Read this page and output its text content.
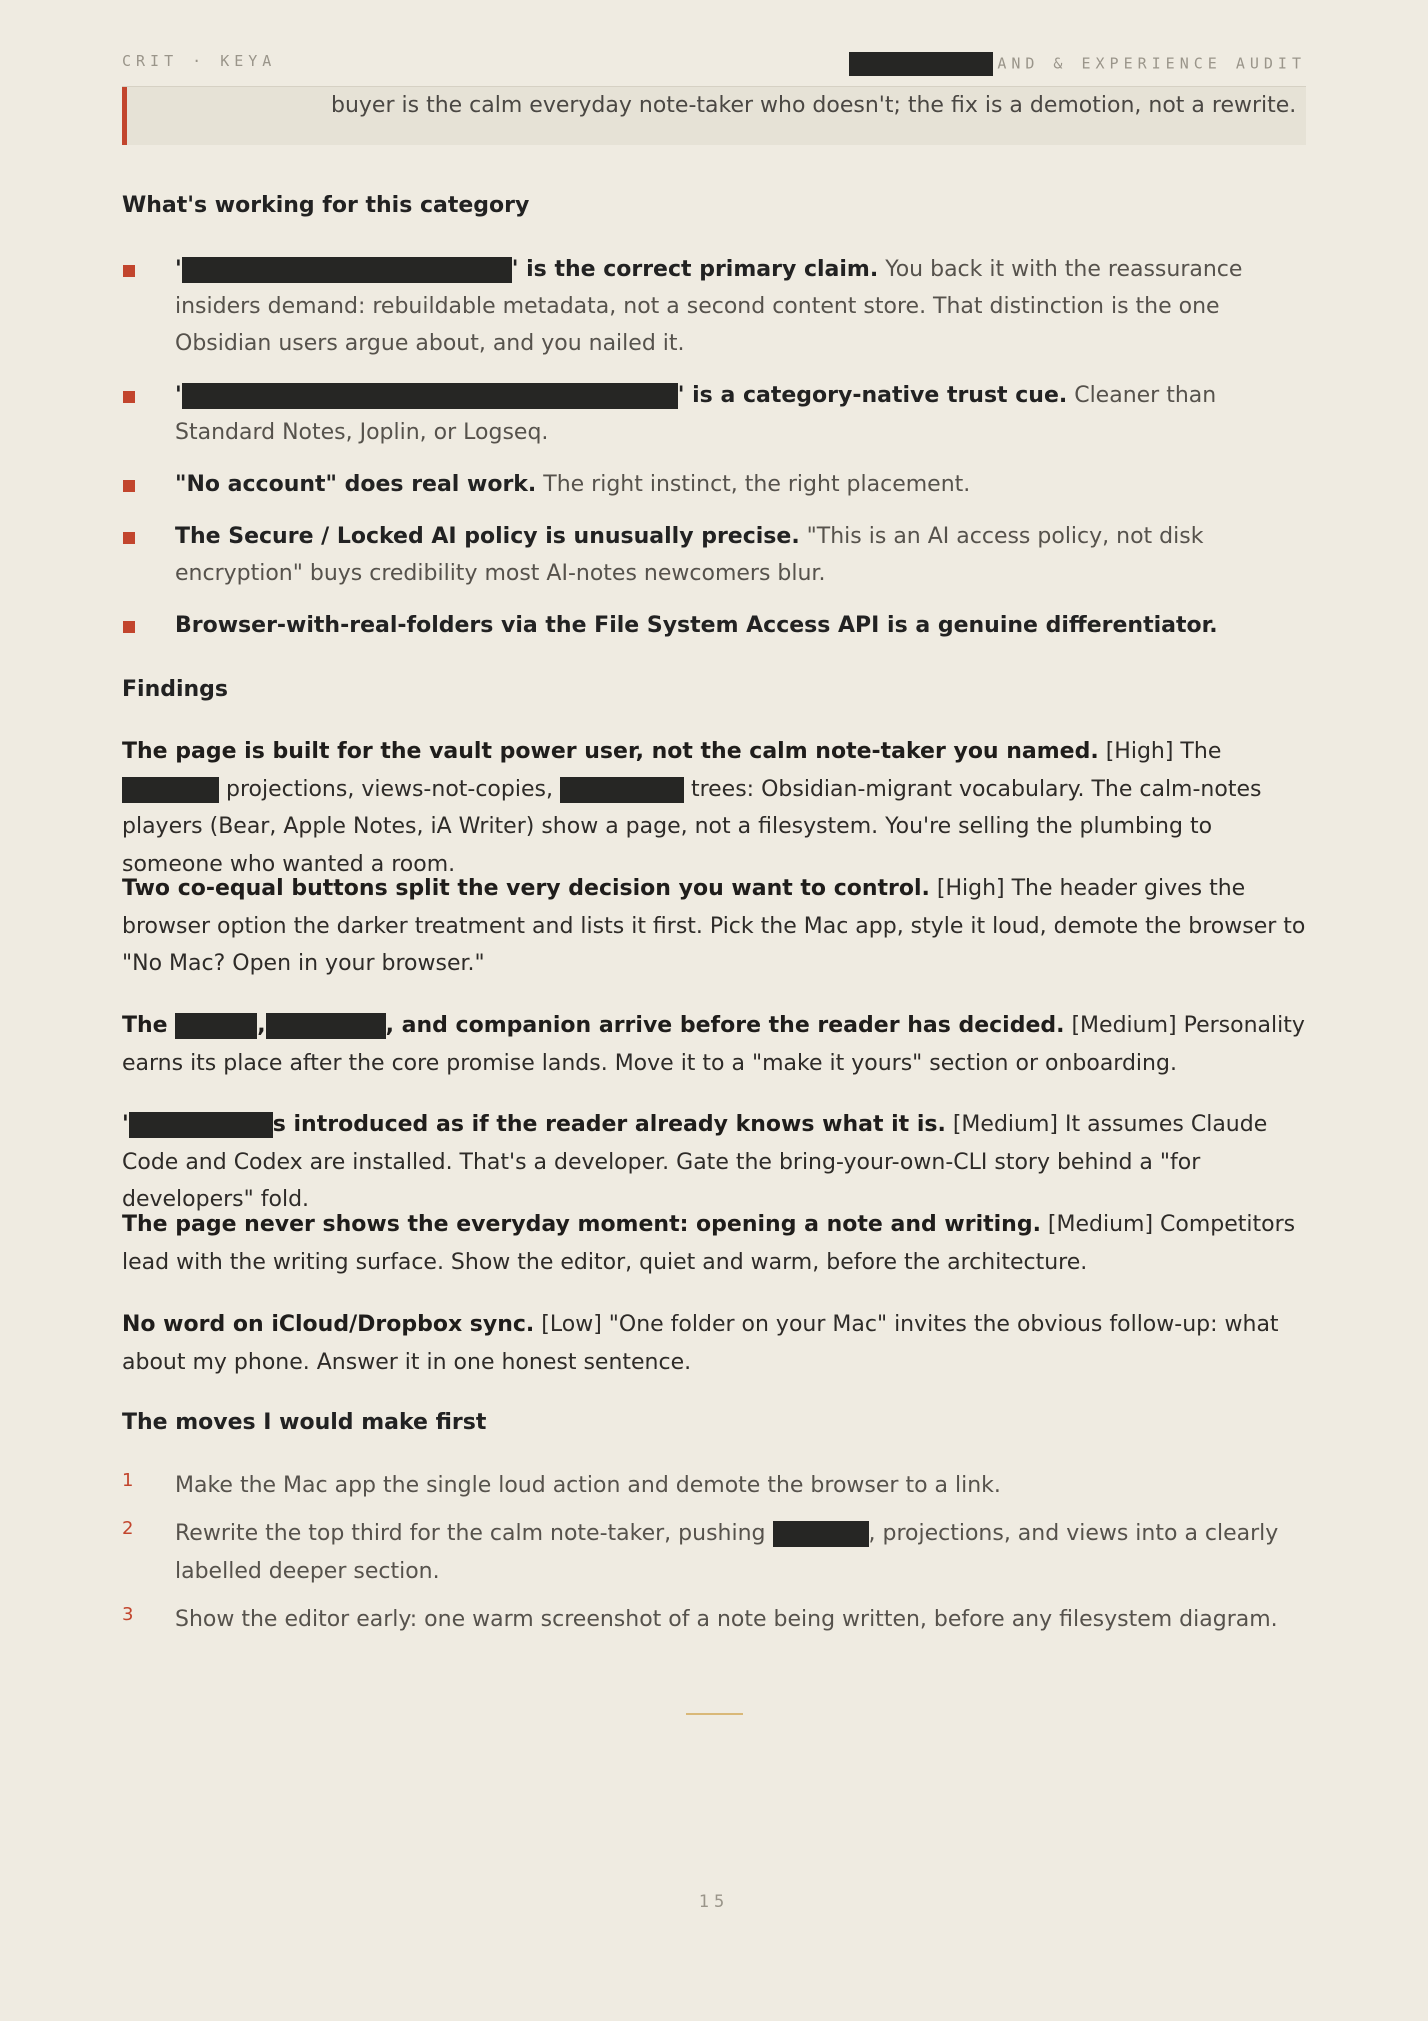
CRIT · KEYA	AND & EXPERIENCE AUDIT

buyer is the calm everyday note-taker who doesn't; the fix is a demotion, not a rewrite.

What's working for this category
'	' is the correct primary claim. You back it with the reassurance insiders demand: rebuildable metadata, not a second content store. That distinction is the one Obsidian users argue about, and you nailed it.
'	' is a category-native trust cue. Cleaner than Standard Notes, Joplin, or Logseq.
"No account" does real work. The right instinct, the right placement.
The Secure / Locked AI policy is unusually precise. "This is an AI access policy, not disk encryption" buys credibility most AI-notes newcomers blur.
Browser-with-real-folders via the File System Access API is a genuine differentiator.
Findings

The page is built for the vault power user, not the calm note-taker you named. [High] The  projections, views-not-copies,	trees: Obsidian-migrant vocabulary. The calm-notes players (Bear, Apple Notes, iA Writer) show a page, not a filesystem. You're selling the plumbing to someone who wanted a room.

Two co-equal buttons split the very decision you want to control. [High] The header gives the browser option the darker treatment and lists it first. Pick the Mac app, style it loud, demote the browser to "No Mac? Open in your browser."

The	,	, and companion arrive before the reader has decided. [Medium] Personality earns its place after the core promise lands. Move it to a "make it yours" section or onboarding.

'	s introduced as if the reader already knows what it is. [Medium] It assumes Claude Code and Codex are installed. That's a developer. Gate the bring-your-own-CLI story behind a "for developers" fold.

The page never shows the everyday moment: opening a note and writing. [Medium] Competitors lead with the writing surface. Show the editor, quiet and warm, before the architecture.

No word on iCloud/Dropbox sync. [Low] "One folder on your Mac" invites the obvious follow-up: what about my phone. Answer it in one honest sentence.

The moves I would make first
1 Make the Mac app the single loud action and demote the browser to a link.
2 Rewrite the top third for the calm note-taker, pushing	, projections, and views into a clearly labelled deeper section.
3 Show the editor early: one warm screenshot of a note being written, before any filesystem diagram.
15
